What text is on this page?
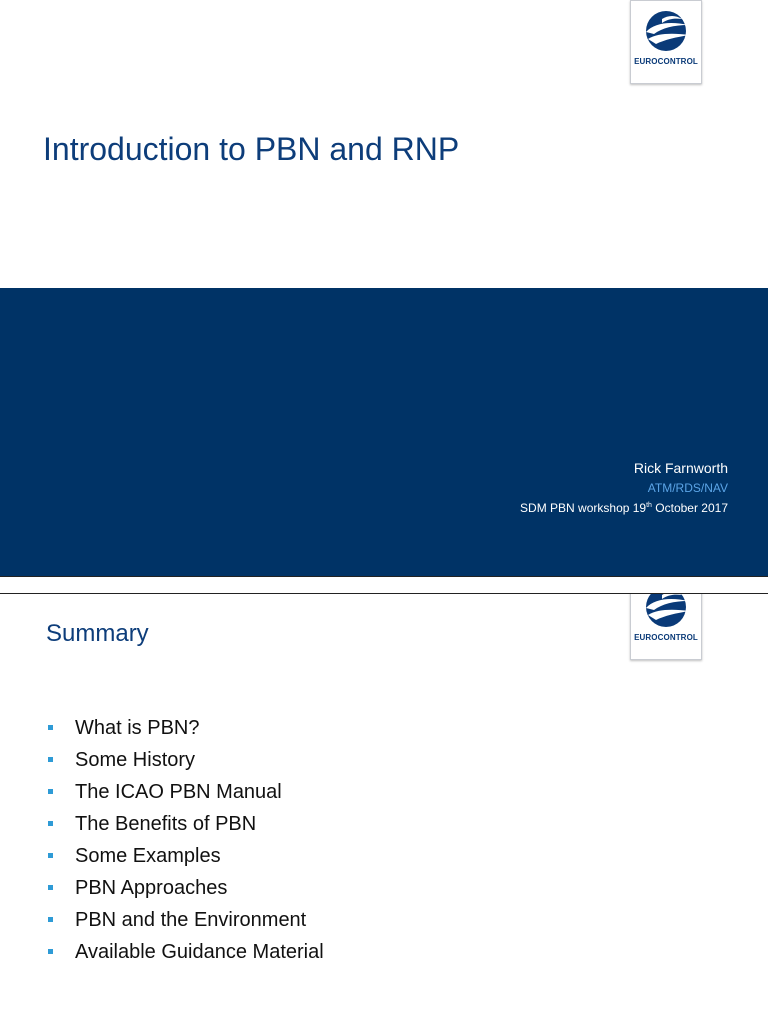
EUROCONTROL
Introduction to PBN and RNP
Rick Farnworth
ATM/RDS/NAV
SDM PBN workshop 19th October 2017
EUROCONTROL
Summary
What is PBN?
Some History
The ICAO PBN Manual
The Benefits of PBN
Some Examples
PBN Approaches
PBN and the Environment
Available Guidance Material
